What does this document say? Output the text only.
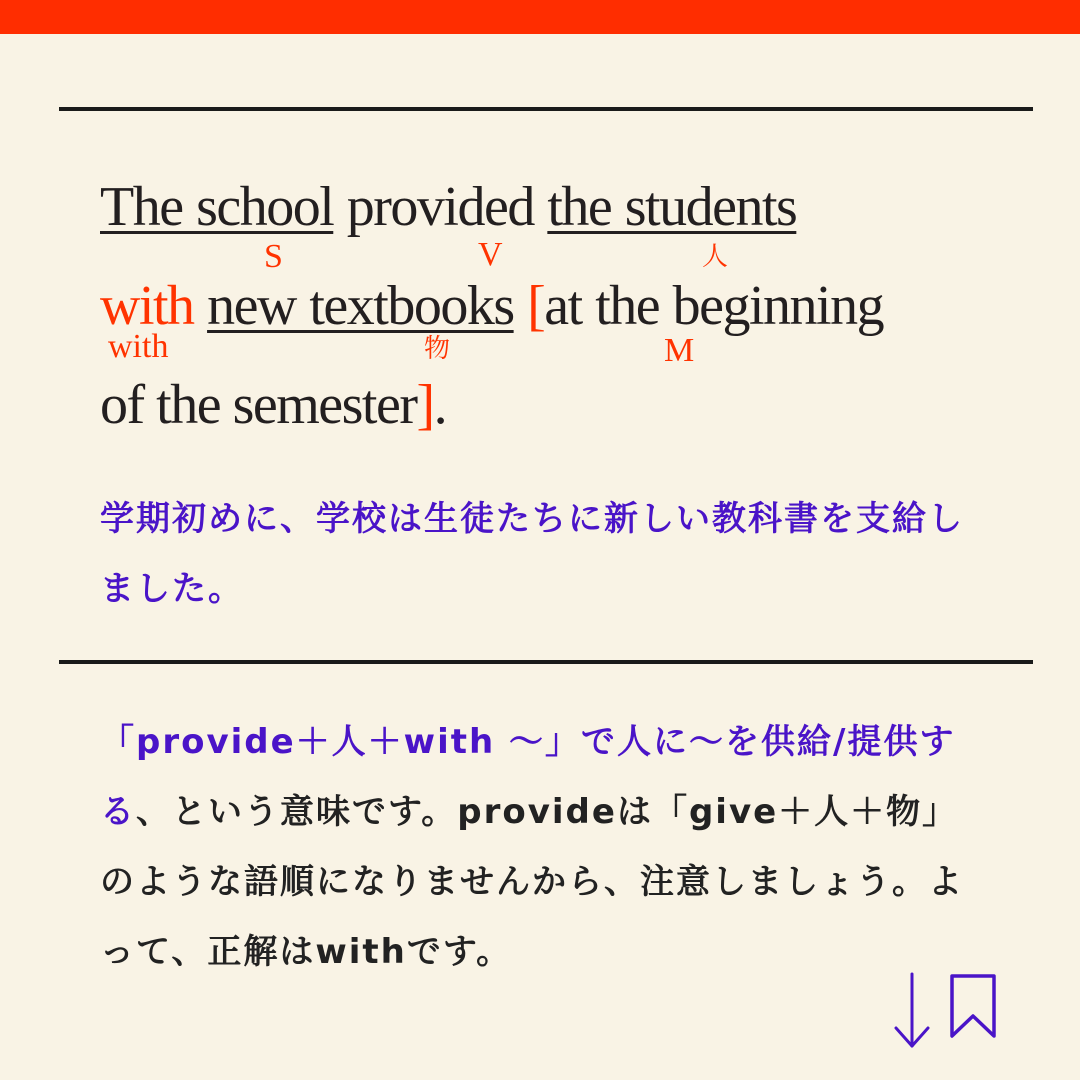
The school provided the students
S	V	人
with new textbooks [at the beginning
with	物	M
of the semester].
学期初めに、学校は生徒たちに新しい教科書を支給しました。
「provide＋人＋with ～」で人に～を供給/提供する、という意味です。provideは「give＋人＋物」のような語順になりませんから、注意しましょう。よって、正解はwithです。
